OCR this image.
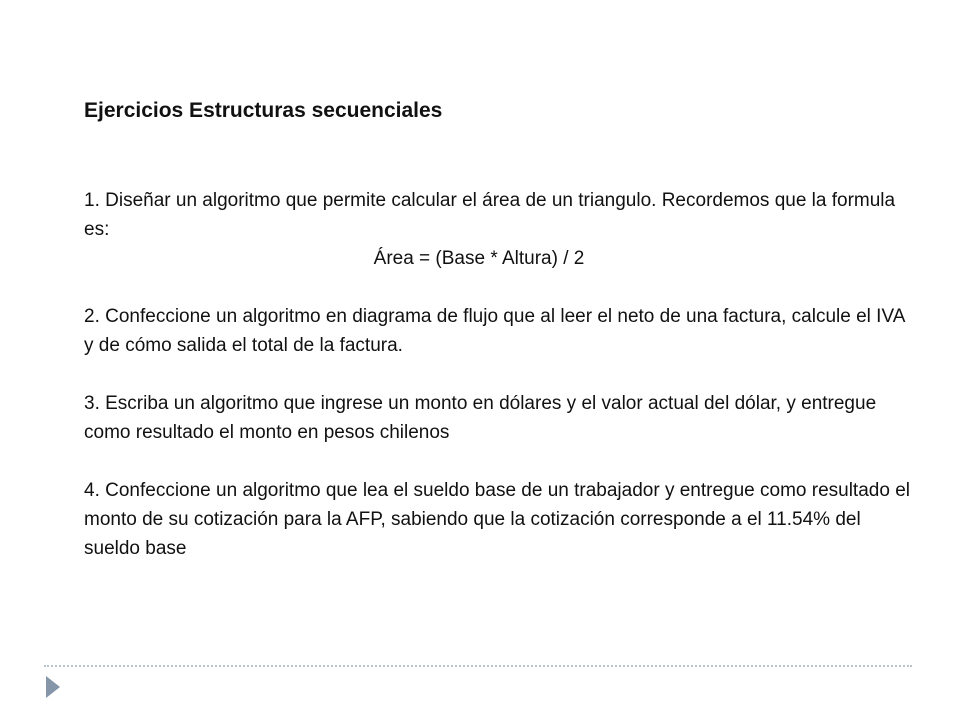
Ejercicios Estructuras secuenciales

1. Diseñar un algoritmo que permite calcular el área de un triangulo. Recordemos que la formula es:

Área = (Base * Altura) / 2

2. Confeccione un algoritmo en diagrama de flujo que al leer el neto de una factura, calcule el IVA y de cómo salida el total de la factura.

3. Escriba un algoritmo que ingrese un monto en dólares y el valor actual del dólar, y entregue como resultado el monto en pesos chilenos

4. Confeccione un algoritmo que lea el sueldo base de un trabajador y entregue como resultado el monto de su cotización para la AFP, sabiendo que la cotización corresponde a el 11.54% del sueldo base
